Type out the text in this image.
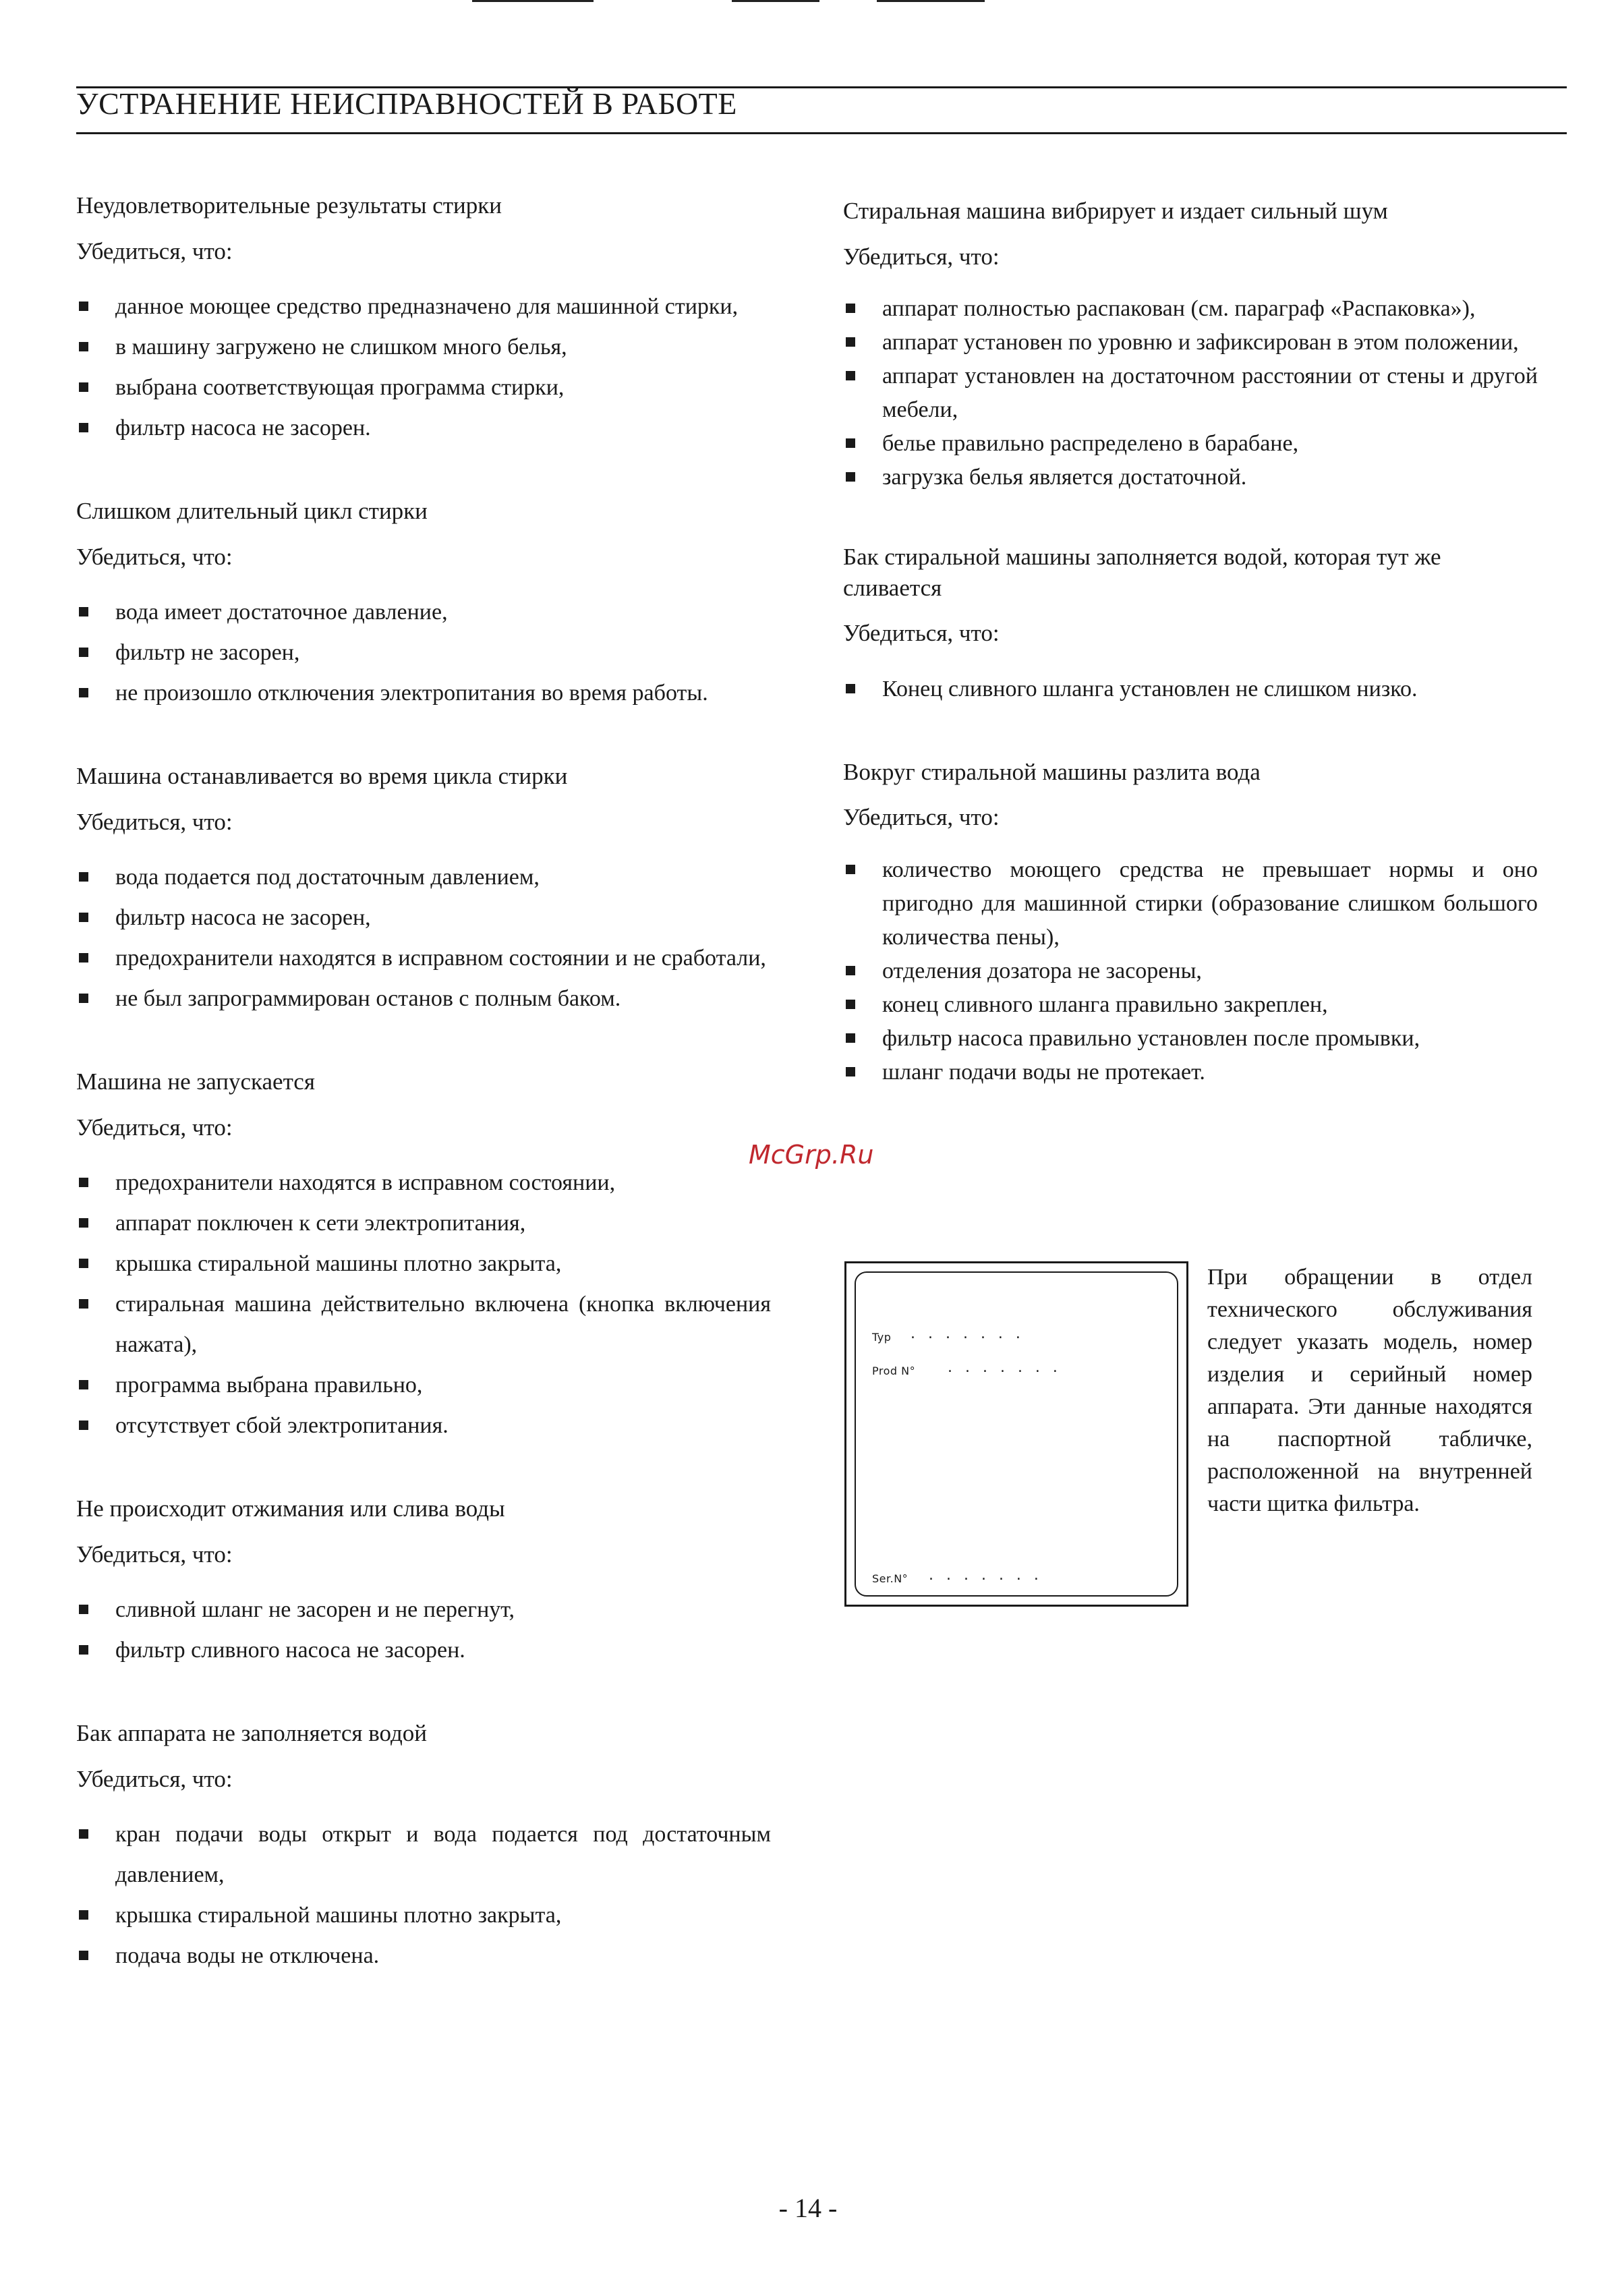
УСТРАНЕНИЕ НЕИСПРАВНОСТЕЙ В РАБОТЕ
Неудовлетворительные результаты стирки
Убедиться, что:
данное моющее средство предназначено для машинной стирки,
в машину загружено не слишком много белья,
выбрана соответствующая программа стирки,
фильтр насоса не засорен.
Слишком длительный цикл стирки
Убедиться, что:
вода имеет достаточное давление,
фильтр не засорен,
не произошло отключения электропитания во время работы.
Машина останавливается во время цикла стирки
Убедиться, что:
вода подается под достаточным давлением,
фильтр насоса не засорен,
предохранители находятся в исправном состоянии и не сработали,
не был запрограммирован останов с полным баком.
Машина не запускается
Убедиться, что:
предохранители находятся в исправном состоянии,
аппарат поключен к сети электропитания,
крышка стиральной машины плотно закрыта,
стиральная машина действительно включена (кнопка включения нажата),
программа выбрана правильно,
отсутствует сбой электропитания.
Не происходит отжимания или слива воды
Убедиться, что:
сливной шланг не засорен и не перегнут,
фильтр сливного насоса не засорен.
Бак аппарата не заполняется водой
Убедиться, что:
кран подачи воды открыт и вода подается под достаточным давлением,
крышка стиральной машины плотно закрыта,
подача воды не отключена.
Стиральная машина вибрирует и издает сильный шум
Убедиться, что:
аппарат полностью распакован (см. параграф «Распаковка»),
аппарат установен по уровню и зафиксирован в этом положении,
аппарат установлен на достаточном расстоянии от стены и другой мебели,
белье правильно распределено в барабане,
загрузка белья является достаточной.
Бак стиральной машины заполняется водой, которая тут же сливается
Убедиться, что:
Конец сливного шланга установлен не слишком низко.
Вокруг стиральной машины разлита вода
Убедиться, что:
количество моющего средства не превышает нормы и оно пригодно для машинной стирки (образование слишком большого количества пены),
отделения дозатора не засорены,
конец сливного шланга правильно закреплен,
фильтр насоса правильно установлен после промывки,
шланг подачи воды не протекает.
Typ . . . . . . .
Prod N° . . . . . . .
Ser.N° . . . . . . .
При обращении в отдел технического обслуживания следует указать модель, номер изделия и серийный номер аппарата. Эти данные находятся на паспортной табличке, расположенной на внутренней части щитка фильтра.
McGrp.Ru
- 14 -
